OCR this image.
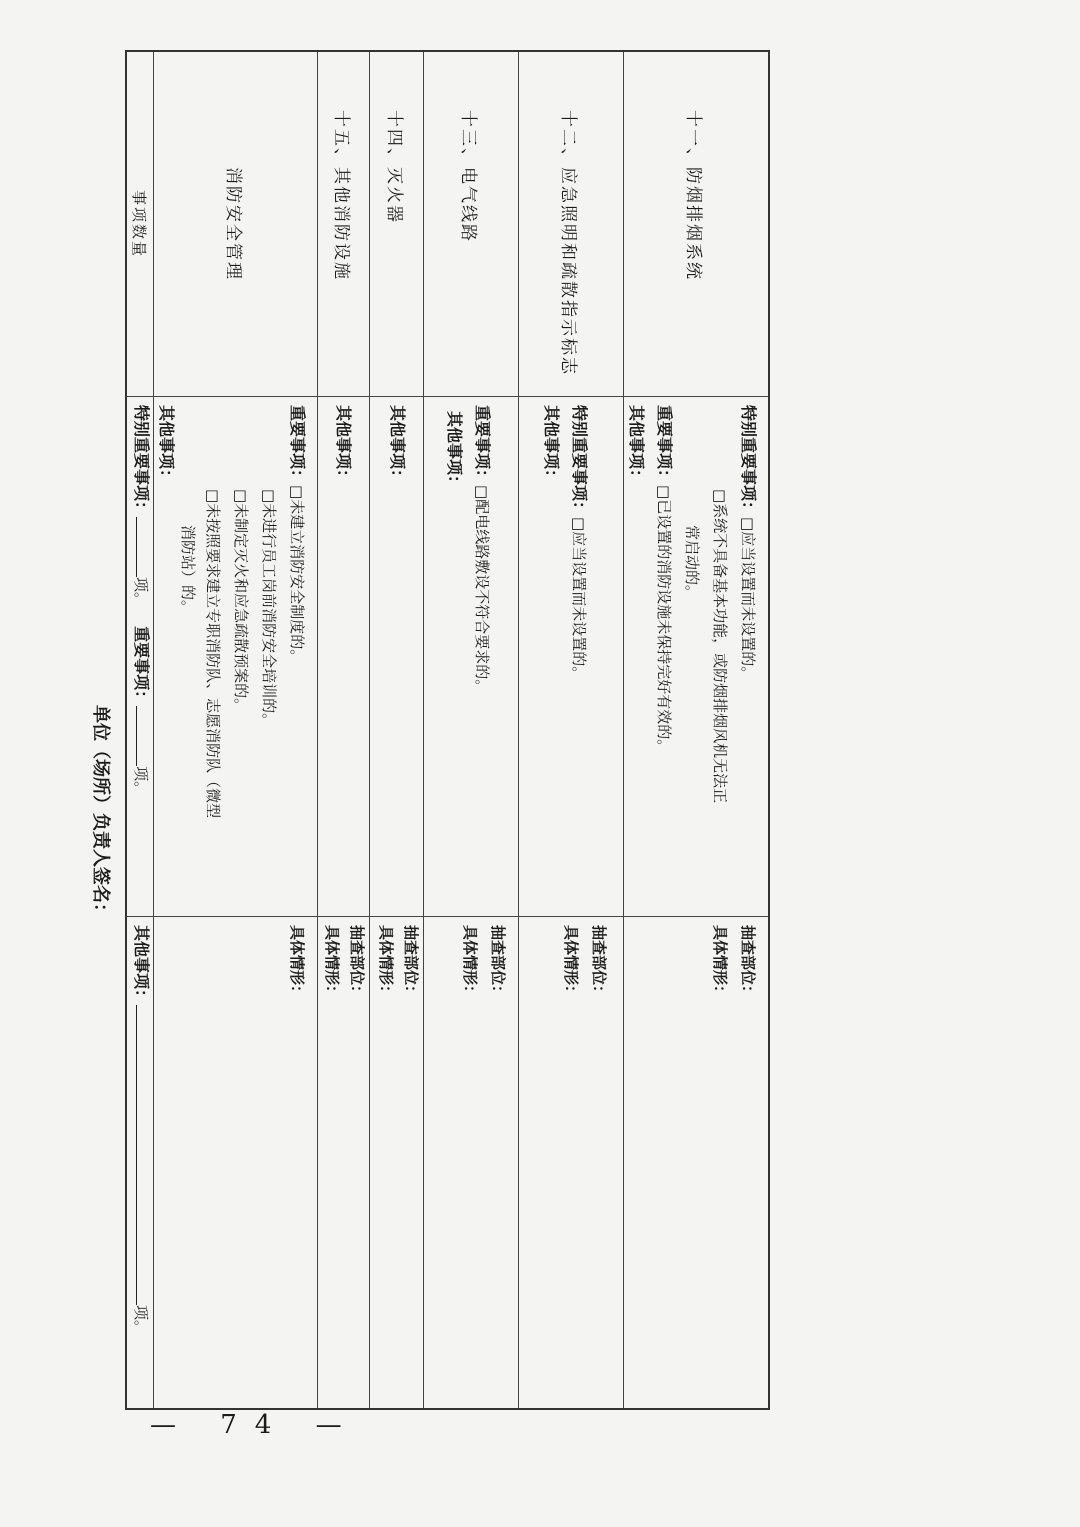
十一、防烟排烟系统
特别重要事项：□应当设置而未设置的。
□系统不具备基本功能，或防烟排烟风机无法正
常启动的。
重要事项：□已设置的消防设施未保持完好有效的。
其他事项：
抽查部位：
具体情形：
十二、应急照明和疏散指示标志
特别重要事项：□应当设置而未设置的。
其他事项：
抽查部位：
具体情形：
十三、电气线路
重要事项：□配电线路敷设不符合要求的。
其他事项：
抽查部位：
具体情形：
十四、灭火器
其他事项：
抽查部位：
具体情形：
十五、其他消防设施
其他事项：
抽查部位：
具体情形：
消防安全管理
重要事项：□未建立消防安全制度的。
□未进行员工岗前消防安全培训的。
□未制定灭火和应急疏散预案的。
□未按照要求建立专职消防队、志愿消防队（微型
消防站）的。
其他事项：
具体情形：
事项数量
特别重要事项：项。    重要事项：项。
其他事项：项。
单位（场所）负责人签名：
— 74 —
